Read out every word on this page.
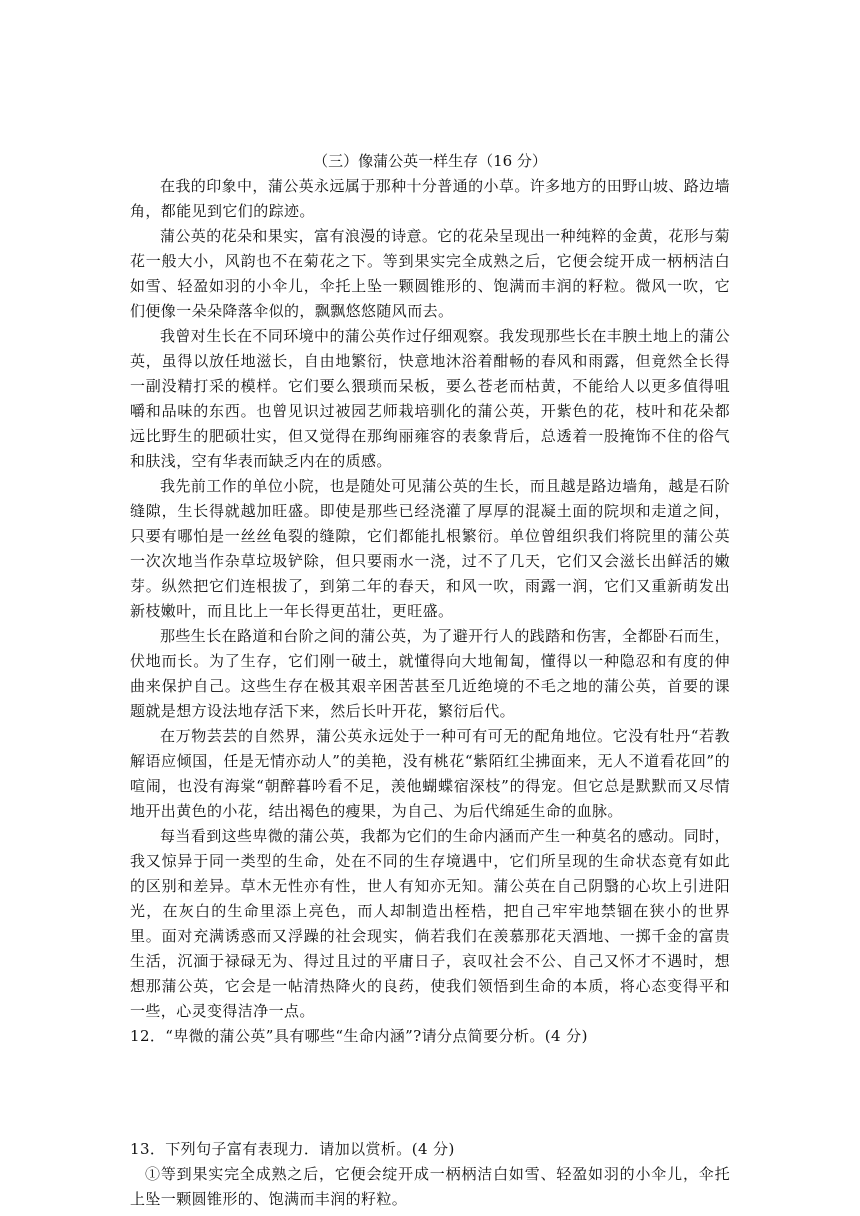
（三）像蒲公英一样生存（16 分）

在我的印象中，蒲公英永远属于那种十分普通的小草。许多地方的田野山坡、路边墙角，都能见到它们的踪迹。

蒲公英的花朵和果实，富有浪漫的诗意。它的花朵呈现出一种纯粹的金黄，花形与菊花一般大小，风韵也不在菊花之下。等到果实完全成熟之后，它便会绽开成一柄柄洁白如雪、轻盈如羽的小伞儿，伞托上坠一颗圆锥形的、饱满而丰润的籽粒。微风一吹，它们便像一朵朵降落伞似的，飘飘悠悠随风而去。

我曾对生长在不同环境中的蒲公英作过仔细观察。我发现那些长在丰腴土地上的蒲公英，虽得以放任地滋长，自由地繁衍，快意地沐浴着酣畅的春风和雨露，但竟然全长得一副没精打采的模样。它们要么猥琐而呆板，要么苍老而枯黄，不能给人以更多值得咀嚼和品味的东西。也曾见识过被园艺师栽培驯化的蒲公英，开紫色的花，枝叶和花朵都远比野生的肥硕壮实，但又觉得在那绚丽雍容的表象背后，总透着一股掩饰不住的俗气和肤浅，空有华表而缺乏内在的质感。

我先前工作的单位小院，也是随处可见蒲公英的生长，而且越是路边墙角，越是石阶缝隙，生长得就越加旺盛。即使是那些已经浇灌了厚厚的混凝土面的院坝和走道之间，只要有哪怕是一丝丝龟裂的缝隙，它们都能扎根繁衍。单位曾组织我们将院里的蒲公英一次次地当作杂草垃圾铲除，但只要雨水一浇，过不了几天，它们又会滋长出鲜活的嫩芽。纵然把它们连根拔了，到第二年的春天，和风一吹，雨露一润，它们又重新萌发出新枝嫩叶，而且比上一年长得更茁壮，更旺盛。

那些生长在路道和台阶之间的蒲公英，为了避开行人的践踏和伤害，全都卧石而生，伏地而长。为了生存，它们刚一破土，就懂得向大地匍匐，懂得以一种隐忍和有度的伸曲来保护自己。这些生存在极其艰辛困苦甚至几近绝境的不毛之地的蒲公英，首要的课题就是想方设法地存活下来，然后长叶开花，繁衍后代。

在万物芸芸的自然界，蒲公英永远处于一种可有可无的配角地位。它没有牡丹“若教解语应倾国，任是无情亦动人”的美艳，没有桃花“紫陌红尘拂面来，无人不道看花回”的喧闹，也没有海棠“朝醉暮吟看不足，羡他蝴蝶宿深枝”的得宠。但它总是默默而又尽情地开出黄色的小花，结出褐色的瘦果，为自己、为后代绵延生命的血脉。

每当看到这些卑微的蒲公英，我都为它们的生命内涵而产生一种莫名的感动。同时，我又惊异于同一类型的生命，处在不同的生存境遇中，它们所呈现的生命状态竟有如此的区别和差异。草木无性亦有性，世人有知亦无知。蒲公英在自己阴翳的心坎上引进阳光，在灰白的生命里添上亮色，而人却制造出桎梏，把自己牢牢地禁锢在狭小的世界里。面对充满诱惑而又浮躁的社会现实，倘若我们在羡慕那花天酒地、一掷千金的富贵生活，沉湎于禄碌无为、得过且过的平庸日子，哀叹社会不公、自己又怀才不遇时，想想那蒲公英，它会是一帖清热降火的良药，使我们领悟到生命的本质，将心态变得平和一些，心灵变得洁净一点。

12．“卑微的蒲公英”具有哪些“生命内涵”?请分点简要分析。(4 分)

13．下列句子富有表现力．请加以赏析。(4 分)

①等到果实完全成熟之后，它便会绽开成一柄柄洁白如雪、轻盈如羽的小伞儿，伞托上坠一颗圆锥形的、饱满而丰润的籽粒。
